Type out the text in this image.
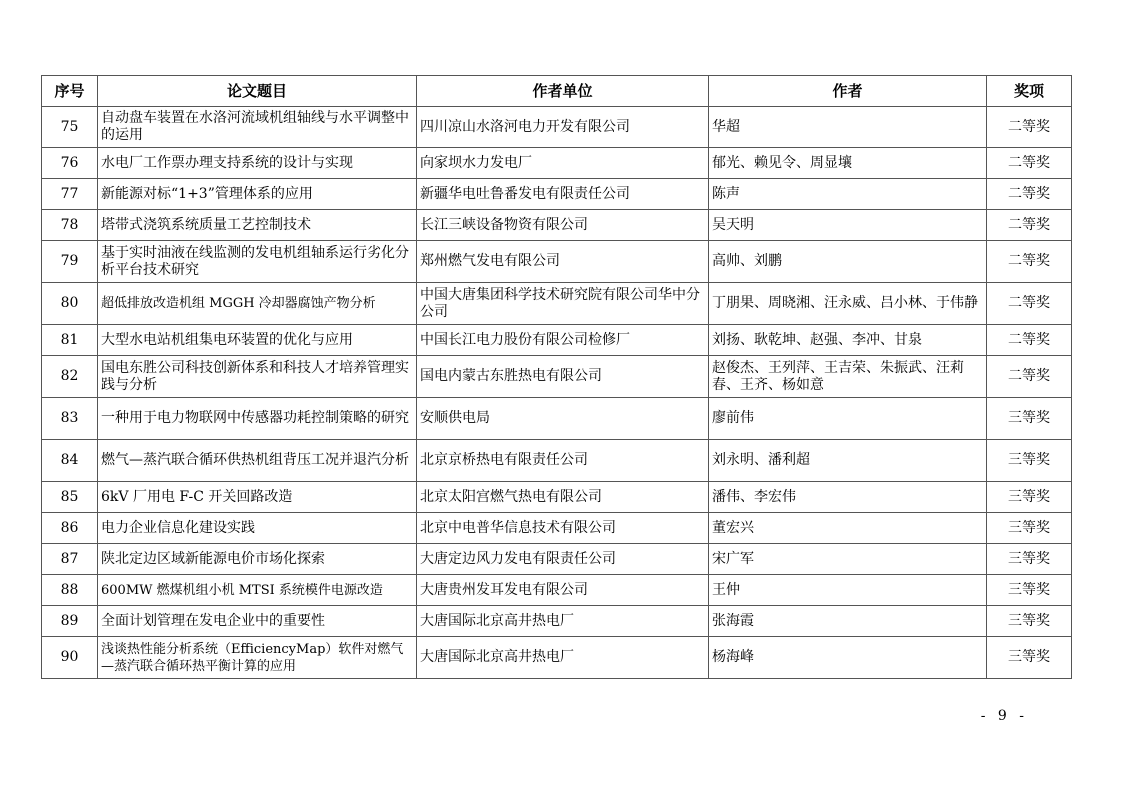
序号	论文题目	作者单位	作者	奖项
75	自动盘车装置在水洛河流域机组轴线与水平调整中的运用	四川凉山水洛河电力开发有限公司	华超	二等奖
76	水电厂工作票办理支持系统的设计与实现	向家坝水力发电厂	郁光、赖见令、周显壤	二等奖
77	新能源对标“1+3”管理体系的应用	新疆华电吐鲁番发电有限责任公司	陈声	二等奖
78	塔带式浇筑系统质量工艺控制技术	长江三峡设备物资有限公司	吴天明	二等奖
79	基于实时油液在线监测的发电机组轴系运行劣化分析平台技术研究	郑州燃气发电有限公司	高帅、刘鹏	二等奖
80	超低排放改造机组 MGGH 冷却器腐蚀产物分析	中国大唐集团科学技术研究院有限公司华中分公司	丁朋果、周晓湘、汪永威、吕小林、于伟静	二等奖
81	大型水电站机组集电环装置的优化与应用	中国长江电力股份有限公司检修厂	刘扬、耿乾坤、赵强、李冲、甘泉	二等奖
82	国电东胜公司科技创新体系和科技人才培养管理实践与分析	国电内蒙古东胜热电有限公司	赵俊杰、王列萍、王吉荣、朱振武、汪莉春、王齐、杨如意	二等奖
83	一种用于电力物联网中传感器功耗控制策略的研究	安顺供电局	廖前伟	三等奖
84	燃气—蒸汽联合循环供热机组背压工况并退汽分析	北京京桥热电有限责任公司	刘永明、潘利超	三等奖
85	6kV 厂用电 F-C 开关回路改造	北京太阳宫燃气热电有限公司	潘伟、李宏伟	三等奖
86	电力企业信息化建设实践	北京中电普华信息技术有限公司	董宏兴	三等奖
87	陕北定边区域新能源电价市场化探索	大唐定边风力发电有限责任公司	宋广军	三等奖
88	600MW 燃煤机组小机 MTSI 系统模件电源改造	大唐贵州发耳发电有限公司	王仲	三等奖
89	全面计划管理在发电企业中的重要性	大唐国际北京高井热电厂	张海霞	三等奖
90	浅谈热性能分析系统（EfficiencyMap）软件对燃气—蒸汽联合循环热平衡计算的应用	大唐国际北京高井热电厂	杨海峰	三等奖
- 9 -
